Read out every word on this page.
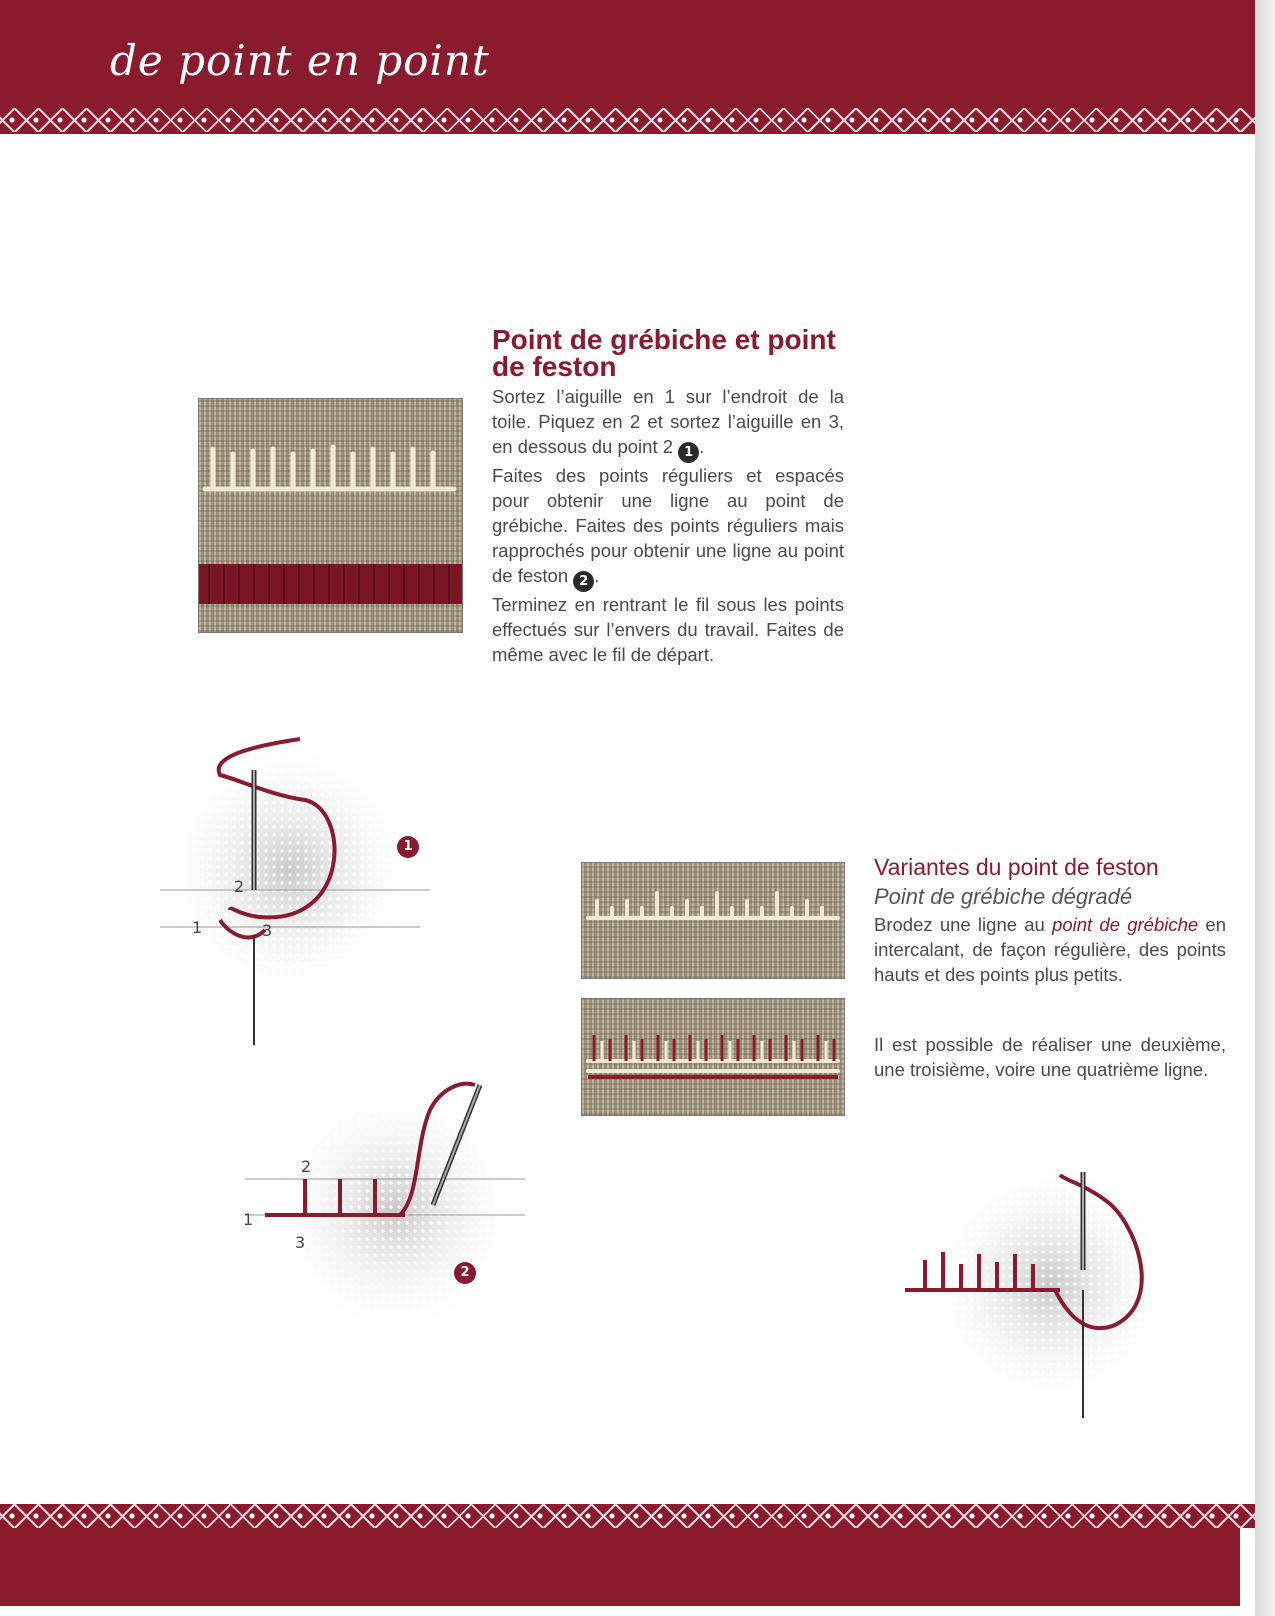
de point en point
Point de grébiche et point de feston

Sortez l’aiguille en 1 sur l’endroit de la toile. Piquez en 2 et sortez l’aiguille en 3, en dessous du point 2 1 .

Faites des points réguliers et espacés pour obtenir une ligne au point de grébiche. Faites des points réguliers mais rapprochés pour obtenir une ligne au point de feston 2 .

Terminez en rentrant le fil sous les points effectués sur l’envers du travail. Faites de même avec le fil de départ.

2
1	3
1
2
1
3
2
Variantes du point de feston

Point de grébiche dégradé

Brodez une ligne au point de grébiche en intercalant, de façon régulière, des points hauts et des points plus petits.

Il est possible de réaliser une deuxième, une troisième, voire une quatrième ligne.
